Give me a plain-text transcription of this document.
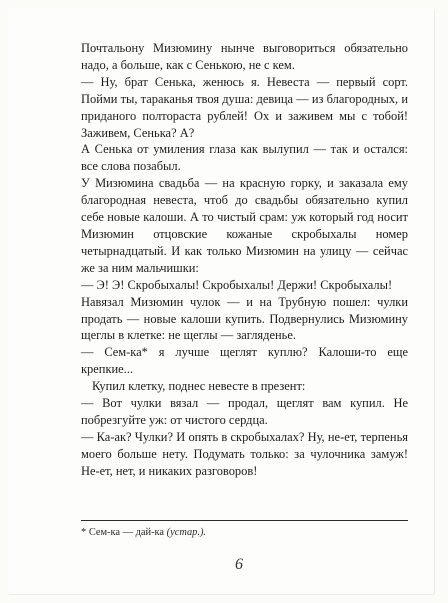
Почтальону Мизюмину нынче выговориться обязательно надо, а больше, как с Сенькою, не с кем.

— Ну, брат Сенька, женюсь я. Невеста — первый сорт. Пойми ты, тараканья твоя душа: девица — из благородных, и приданого полтораста рублей! Ох и заживем мы с тобой! Заживем, Сенька? А?

А Сенька от умиления глаза как вылупил — так и остался: все слова позабыл.

У Мизюмина свадьба — на красную горку, и заказала ему благородная невеста, чтоб до свадьбы обязательно купил себе новые калоши. А то чистый срам: уж который год носит Мизюмин отцовские кожаные скробыхалы номер четырнадцатый. И как только Мизюмин на улицу — сейчас же за ним мальчишки:

— Э! Э! Скробыхалы! Скробыхалы! Держи! Скробыхалы!

Навязал Мизюмин чулок — и на Трубную пошел: чулки продать — новые калоши купить. Подвернулись Мизюмину щеглы в клетке: не щеглы — загляденье.

— Сем-ка* я лучше щеглят куплю? Калоши-то еще крепкие...

Купил клетку, поднес невесте в презент:

— Вот чулки вязал — продал, щеглят вам купил. Не побрезгуйте уж: от чистого сердца.

— Ка-ак? Чулки? И опять в скробыхалах? Ну, не-ет, терпенья моего больше нету. Подумать только: за чулочника замуж! Не-ет, нет, и никаких разговоров!

* Сем-ка — дай-ка (устар.).
6
